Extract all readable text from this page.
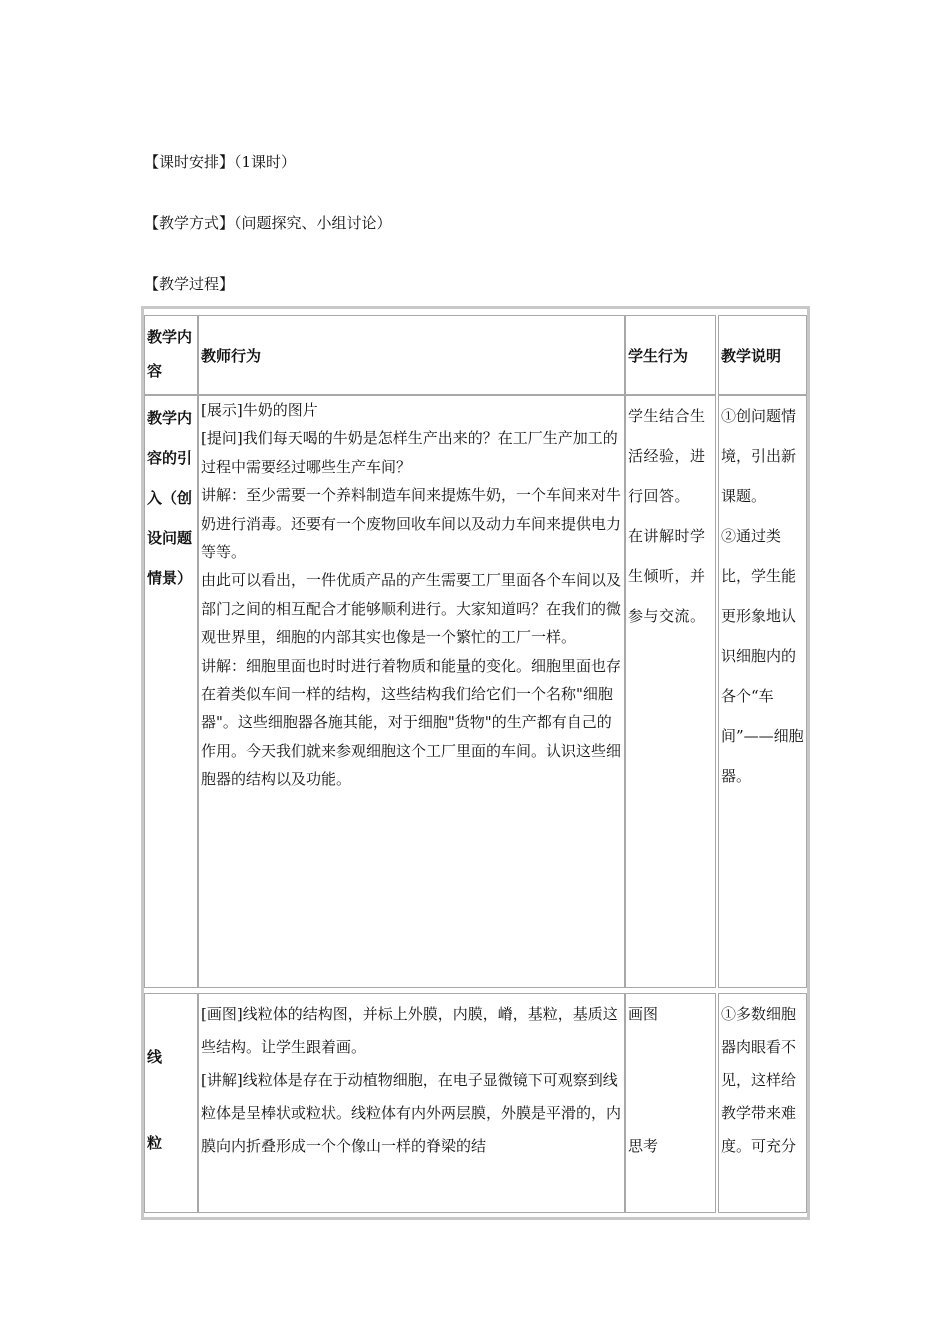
【课时安排】（1课时）
【教学方式】（问题探究、小组讨论）
【教学过程】
教学内容
教师行为	学生行为	教学说明
教学内
容的引
入（创
设问题
情景）
[展示]牛奶的图片
[提问]我们每天喝的牛奶是怎样生产出来的？在工厂生产加工的过程中需要经过哪些生产车间？
讲解：至少需要一个养料制造车间来提炼牛奶，一个车间来对牛奶进行消毒。还要有一个废物回收车间以及动力车间来提供电力等等。
由此可以看出，一件优质产品的产生需要工厂里面各个车间以及部门之间的相互配合才能够顺利进行。大家知道吗？在我们的微观世界里，细胞的内部其实也像是一个繁忙的工厂一样。
讲解：细胞里面也时时进行着物质和能量的变化。细胞里面也存在着类似车间一样的结构，这些结构我们给它们一个名称"细胞器"。这些细胞器各施其能，对于细胞"货物"的生产都有自己的作用。今天我们就来参观细胞这个工厂里面的车间。认识这些细胞器的结构以及功能。
学生结合生活经验，进行回答。
在讲解时学生倾听，并参与交流。
①创问题情境，引出新课题。
②通过类比，学生能更形象地认识细胞内的各个“车间”——细胞器。
线
粒
[画图]线粒体的结构图，并标上外膜，内膜，嵴，基粒，基质这些结构。让学生跟着画。
[讲解]线粒体是存在于动植物细胞，在电子显微镜下可观察到线粒体是呈棒状或粒状。线粒体有内外两层膜，外膜是平滑的，内膜向内折叠形成一个个像山一样的脊梁的结
画图
思考
①多数细胞器肉眼看不见，这样给教学带来难度。可充分
